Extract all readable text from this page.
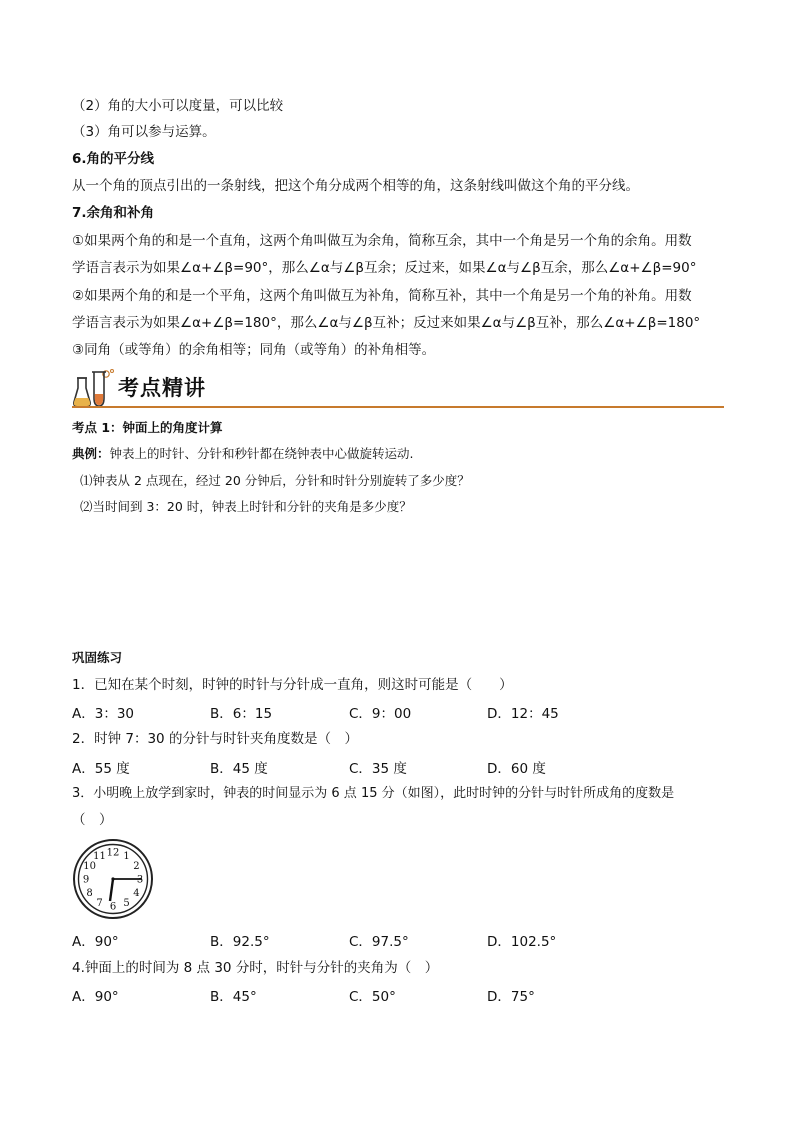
（2）角的大小可以度量，可以比较
（3）角可以参与运算。
6.角的平分线
从一个角的顶点引出的一条射线，把这个角分成两个相等的角，这条射线叫做这个角的平分线。
7.余角和补角
①如果两个角的和是一个直角，这两个角叫做互为余角，简称互余，其中一个角是另一个角的余角。用数
学语言表示为如果∠α+∠β=90°，那么∠α与∠β互余；反过来，如果∠α与∠β互余，那么∠α+∠β=90°
②如果两个角的和是一个平角，这两个角叫做互为补角，简称互补，其中一个角是另一个角的补角。用数
学语言表示为如果∠α+∠β=180°，那么∠α与∠β互补；反过来如果∠α与∠β互补，那么∠α+∠β=180°
③同角（或等角）的余角相等；同角（或等角）的补角相等。
考点精讲
考点 1：钟面上的角度计算
典例：钟表上的时针、分针和秒针都在绕钟表中心做旋转运动.
⑴钟表从 2 点现在，经过 20 分钟后，分针和时针分别旋转了多少度？
⑵当时间到 3：20 时，钟表上时针和分针的夹角是多少度？
巩固练习
1．已知在某个时刻，时钟的时针与分针成一直角，则这时可能是（　　）
A．3：30	B．6：15	C．9：00	D．12：45
2．时钟 7：30 的分针与时针夹角度数是（　）
A．55 度	B．45 度	C．35 度	D．60 度
3．小明晚上放学到家时，钟表的时间显示为 6 点 15 分（如图），此时时钟的分针与时针所成角的度数是
（　）
12 1
2
3
4
5
6
7
8
9
10
11
A．90°	B．92.5°	C．97.5°	D．102.5°
4.钟面上的时间为 8 点 30 分时，时针与分针的夹角为（　）
A．90°	B．45°	C．50°	D．75°
